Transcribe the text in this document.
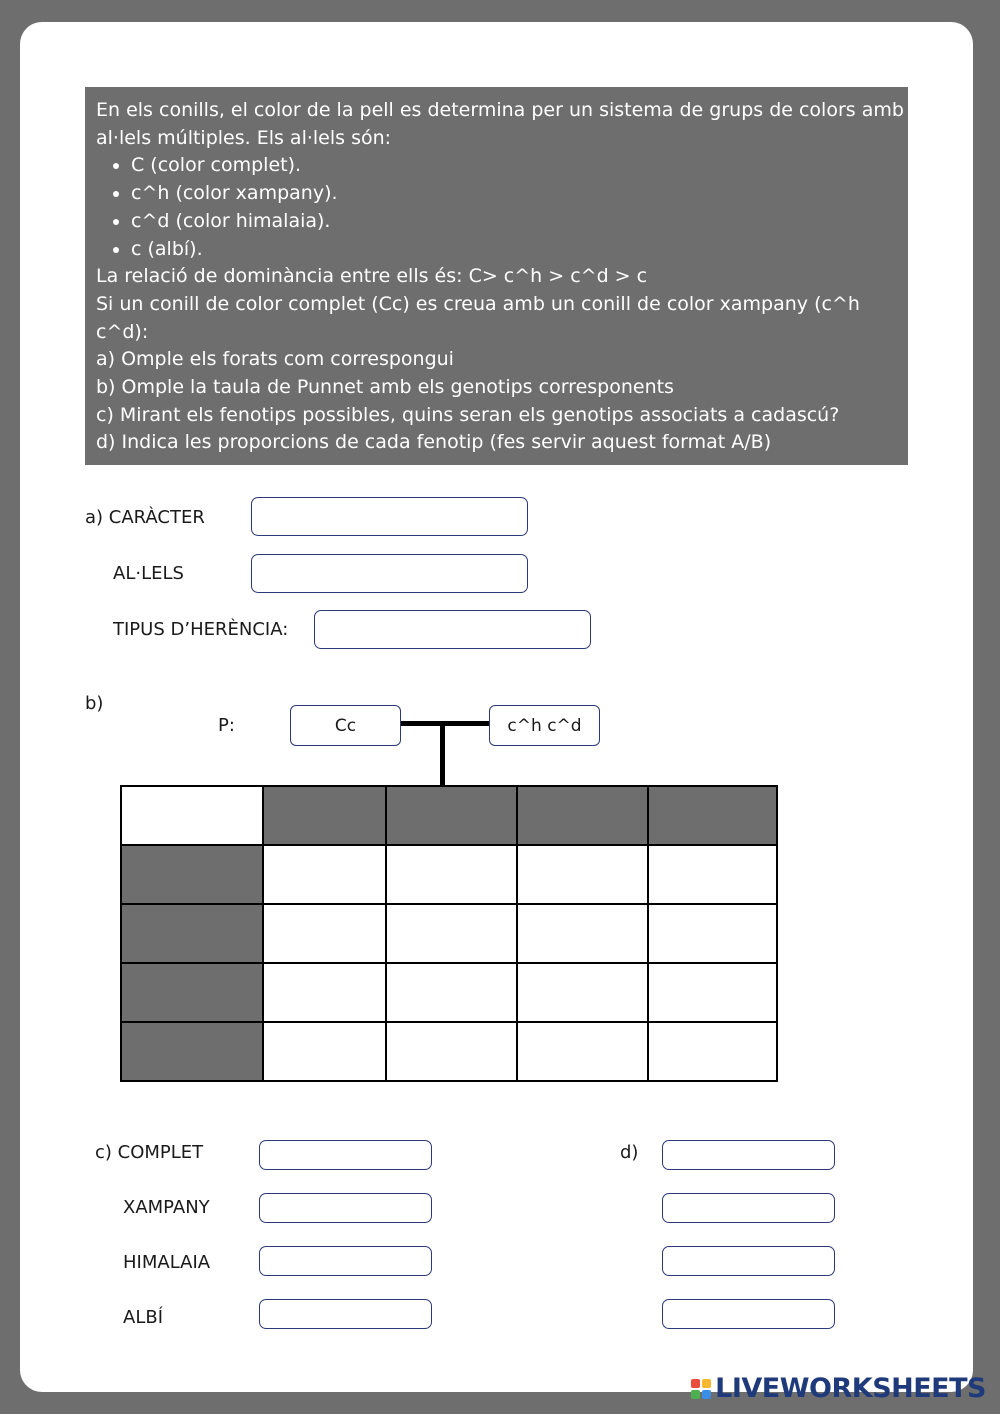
En els conills, el color de la pell es determina per un sistema de grups de colors amb al·lels múltiples. Els al·lels són:

• C (color complet).
• c^h (color xampany).
• c^d (color himalaia).
• c (albí).

La relació de dominància entre ells és: C> c^h > c^d > c

Si un conill de color complet (Cc) es creua amb un conill de color xampany (c^h c^d):

a) Omple els forats com correspongui

b) Omple la taula de Punnet amb els genotips corresponents

c) Mirant els fenotips possibles, quins seran els genotips associats a cadascú?

d) Indica les proporcions de cada fenotip (fes servir aquest format A/B)

a) CARÀCTER
AL·LELS
TIPUS D’HERÈNCIA:
b)
P:	Cc	c^h c^d

c) COMPLET
XAMPANY
HIMALAIA
ALBÍ
d)
LIVEWORKSHEETS
